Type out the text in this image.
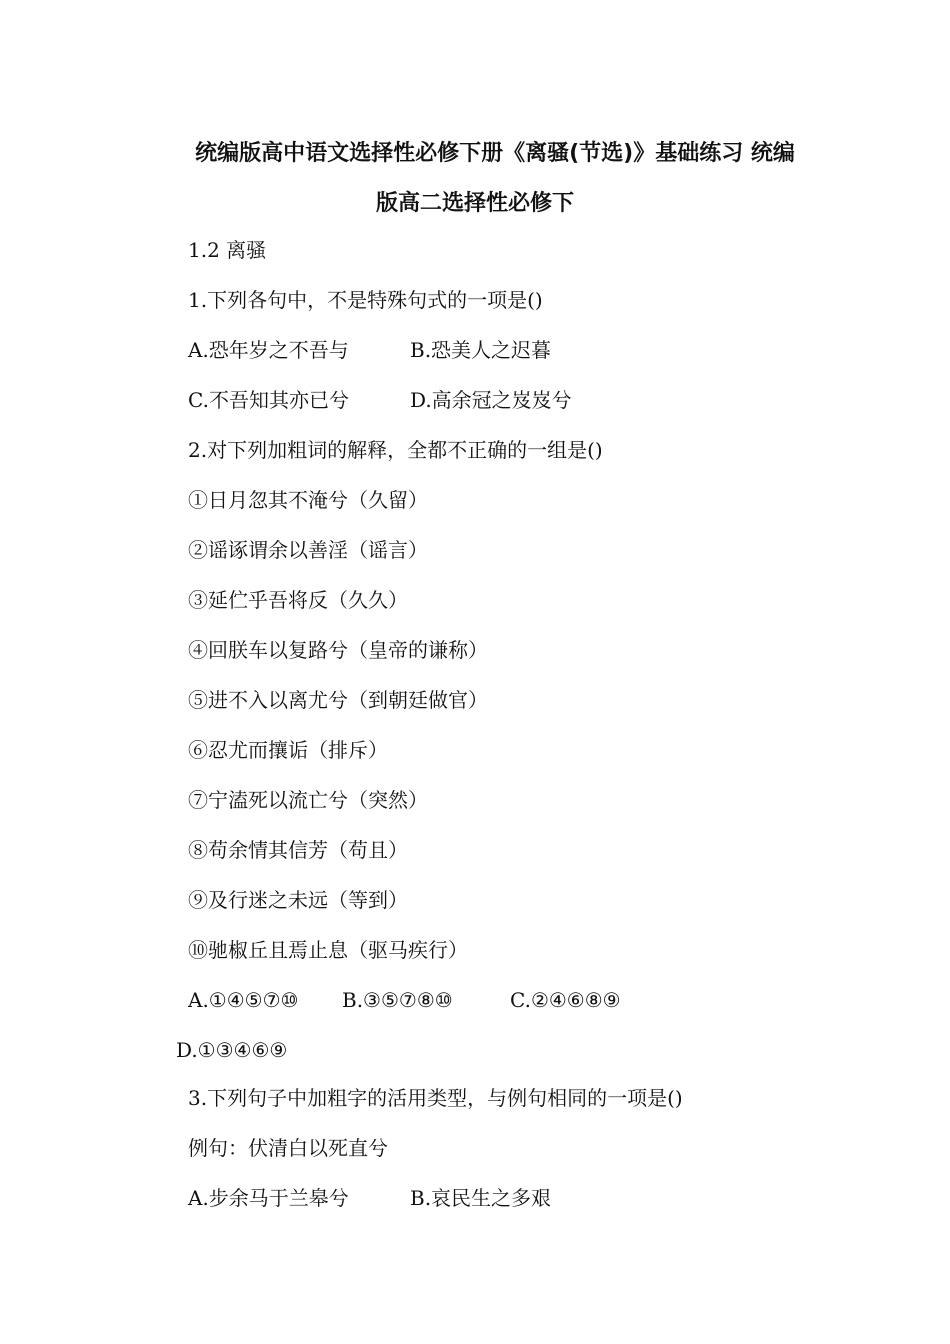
统编版高中语文选择性必修下册《离骚(节选)》基础练习 统编
版高二选择性必修下
1.2 离骚
1.下列各句中，不是特殊句式的一项是()
A.恐年岁之不吾与	B.恐美人之迟暮
C.不吾知其亦已兮	D.高余冠之岌岌兮
2.对下列加粗词的解释，全都不正确的一组是()
①日月忽其不淹兮（久留）
②谣诼谓余以善淫（谣言）
③延伫乎吾将反（久久）
④回朕车以复路兮（皇帝的谦称）
⑤进不入以离尤兮（到朝廷做官）
⑥忍尤而攘诟（排斥）
⑦宁溘死以流亡兮（突然）
⑧苟余情其信芳（苟且）
⑨及行迷之未远（等到）
⑩驰椒丘且焉止息（驱马疾行）
A.①④⑤⑦⑩ B.③⑤⑦⑧⑩	C.②④⑥⑧⑨
D.①③④⑥⑨
3.下列句子中加粗字的活用类型，与例句相同的一项是()
例句：伏清白以死直兮
A.步余马于兰皋兮	B.哀民生之多艰
